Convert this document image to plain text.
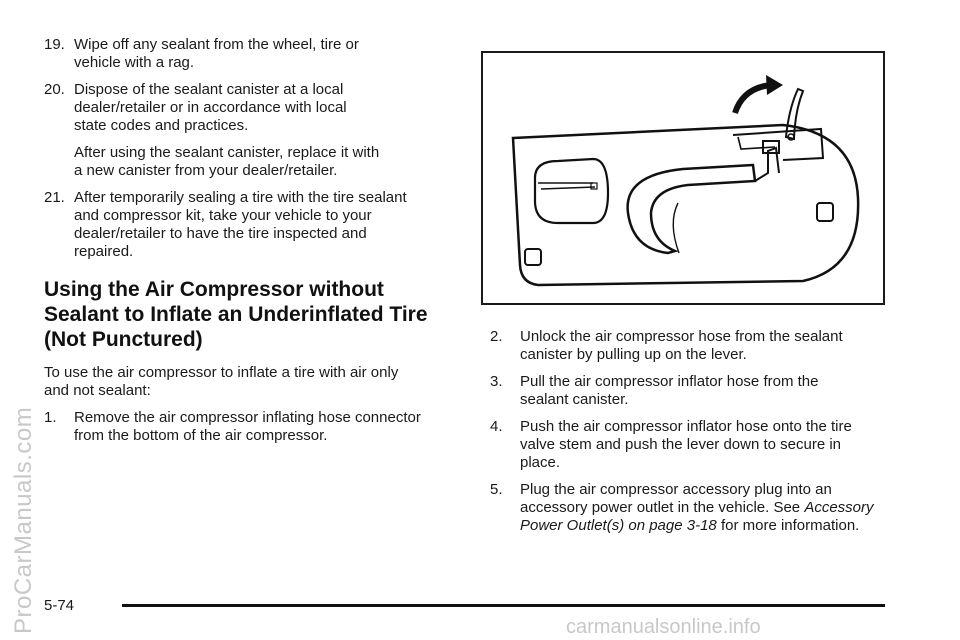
19. Wipe off any sealant from the wheel, tire or
vehicle with a rag.
20. Dispose of the sealant canister at a local
dealer/retailer or in accordance with local
state codes and practices.
After using the sealant canister, replace it with
a new canister from your dealer/retailer.
21. After temporarily sealing a tire with the tire sealant
and compressor kit, take your vehicle to your
dealer/retailer to have the tire inspected and
repaired.
Using the Air Compressor without
Sealant to Inflate an Underinflated Tire
(Not Punctured)
To use the air compressor to inflate a tire with air only
and not sealant:
1. Remove the air compressor inflating hose connector
from the bottom of the air compressor.
2. Unlock the air compressor hose from the sealant
canister by pulling up on the lever.
3. Pull the air compressor inflator hose from the
sealant canister.
4. Push the air compressor inflator hose onto the tire
valve stem and push the lever down to secure in
place.
5. Plug the air compressor accessory plug into an
accessory power outlet in the vehicle. See Accessory
Power Outlet(s) on page 3-18 for more information.
5-74
ProCarManuals.com	carmanualsonline.info
